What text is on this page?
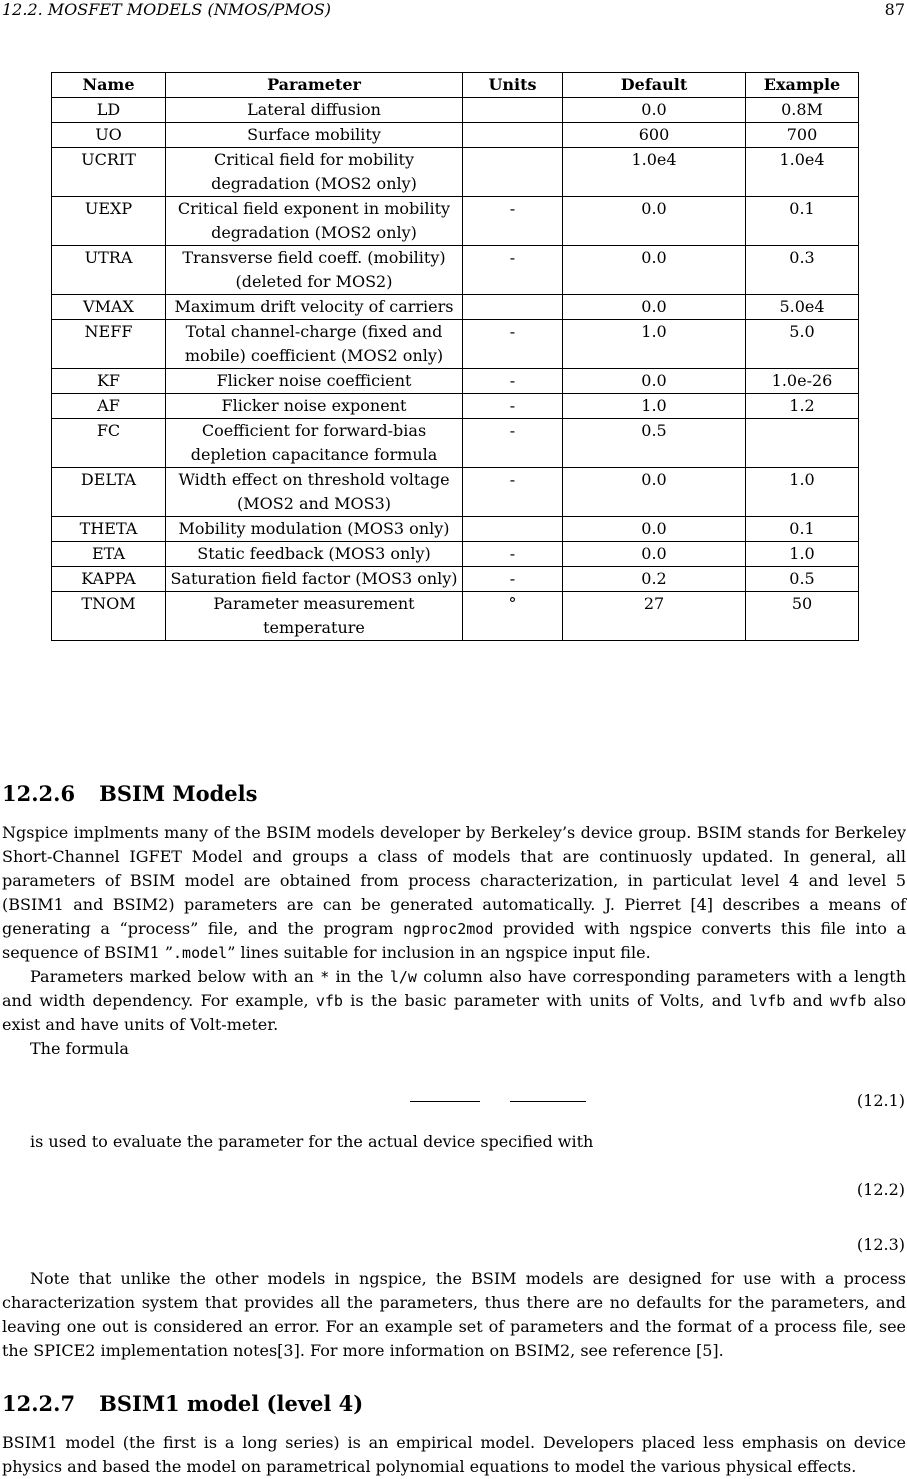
12.2. MOSFET MODELS (NMOS/PMOS)	87
Name	Parameter	Units	Default	Example
LD	Lateral diffusion		0.0	0.8M
UO	Surface mobility		600	700
UCRIT	Critical field for mobility degradation (MOS2 only)		1.0e4	1.0e4
UEXP	Critical field exponent in mobility degradation (MOS2 only)	-	0.0	0.1
UTRA	Transverse field coeff. (mobility) (deleted for MOS2)	-	0.0	0.3
VMAX	Maximum drift velocity of carriers		0.0	5.0e4
NEFF	Total channel-charge (fixed and mobile) coefficient (MOS2 only)	-	1.0	5.0
KF	Flicker noise coefficient	-	0.0	1.0e-26
AF	Flicker noise exponent	-	1.0	1.2
FC	Coefficient for forward-bias depletion capacitance formula	-	0.5	
DELTA	Width effect on threshold voltage (MOS2 and MOS3)	-	0.0	1.0
THETA	Mobility modulation (MOS3 only)		0.0	0.1
ETA	Static feedback (MOS3 only)	-	0.0	1.0
KAPPA	Saturation field factor (MOS3 only)	-	0.2	0.5
TNOM	Parameter measurement temperature	°	27	50
12.2.6 BSIM Models
Ngspice implments many of the BSIM models developer by Berkeley’s device group. BSIM stands for Berkeley Short-Channel IGFET Model and groups a class of models that are continuosly updated. In general, all parameters of BSIM model are obtained from process characterization, in particulat level 4 and level 5 (BSIM1 and BSIM2) parameters are can be generated automatically. J. Pierret [4] describes a means of generating a “process” file, and the program ngproc2mod provided with ngspice converts this file into a sequence of BSIM1 ”.model” lines suitable for inclusion in an ngspice input file.
Parameters marked below with an * in the l/w column also have corresponding parameters with a length and width dependency. For example, vfb is the basic parameter with units of Volts, and lvfb and wvfb also exist and have units of Volt-meter.
The formula
(12.1)
is used to evaluate the parameter for the actual device specified with
(12.2)
(12.3)
Note that unlike the other models in ngspice, the BSIM models are designed for use with a process characterization system that provides all the parameters, thus there are no defaults for the parameters, and leaving one out is considered an error. For an example set of parameters and the format of a process file, see the SPICE2 implementation notes[3]. For more information on BSIM2, see reference [5].
12.2.7 BSIM1 model (level 4)
BSIM1 model (the first is a long series) is an empirical model. Developers placed less emphasis on device physics and based the model on parametrical polynomial equations to model the various physical effects.
